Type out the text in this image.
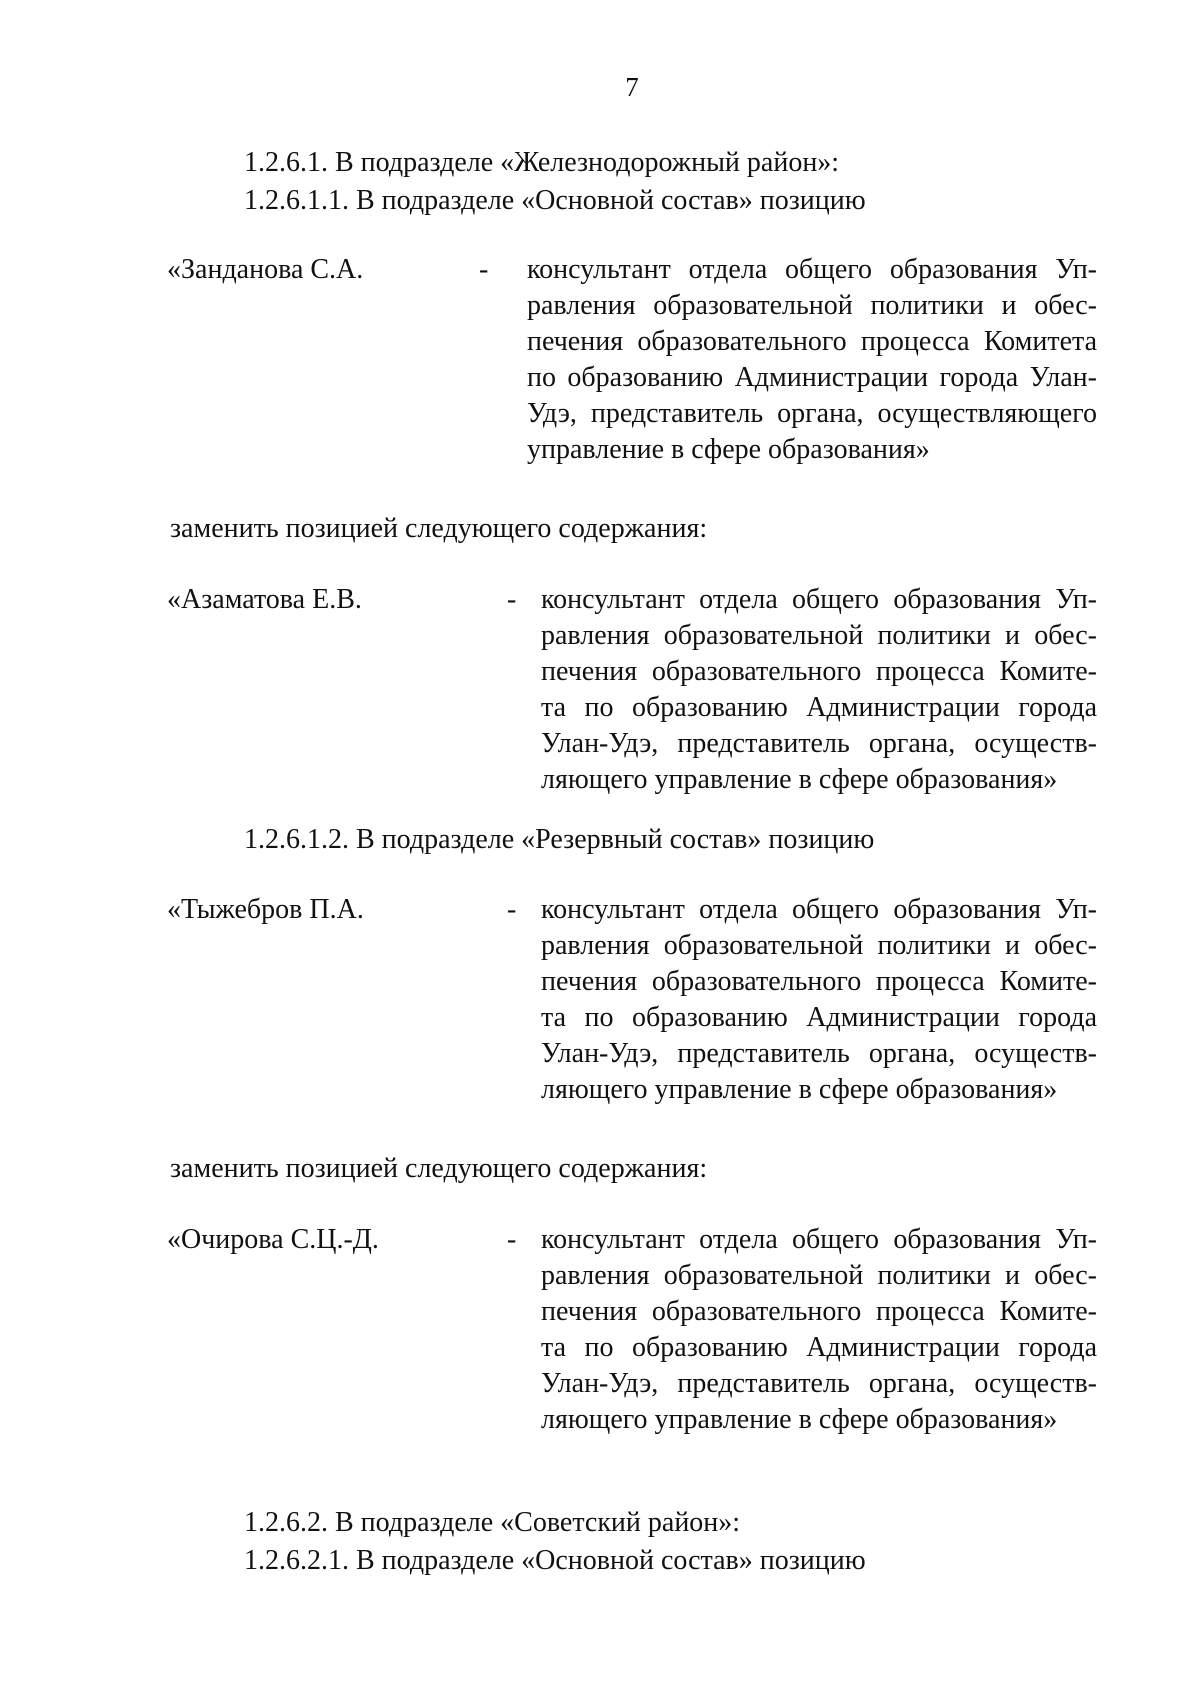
7
1.2.6.1. В подразделе «Железнодорожный район»:
1.2.6.1.1. В подразделе «Основной состав» позицию
«Занданова С.А.	- консультант отдела общего образования Уп-
равления образовательной политики и обес-
печения образовательного процесса Комитета
по образованию Администрации города Улан-
Удэ, представитель органа, осуществляющего
управление в сфере образования»
заменить позицией следующего содержания:
«Азаматова Е.В.	- консультант отдела общего образования Уп-
равления образовательной политики и обес-
печения образовательного процесса Комите-
та по образованию Администрации города
Улан-Удэ, представитель органа, осуществ-
ляющего управление в сфере образования»
1.2.6.1.2. В подразделе «Резервный состав» позицию
«Тыжебров П.А.	- консультант отдела общего образования Уп-
равления образовательной политики и обес-
печения образовательного процесса Комите-
та по образованию Администрации города
Улан-Удэ, представитель органа, осуществ-
ляющего управление в сфере образования»
заменить позицией следующего содержания:
«Очирова С.Ц.-Д.	- консультант отдела общего образования Уп-
равления образовательной политики и обес-
печения образовательного процесса Комите-
та по образованию Администрации города
Улан-Удэ, представитель органа, осуществ-
ляющего управление в сфере образования»
1.2.6.2. В подразделе «Советский район»:
1.2.6.2.1. В подразделе «Основной состав» позицию
